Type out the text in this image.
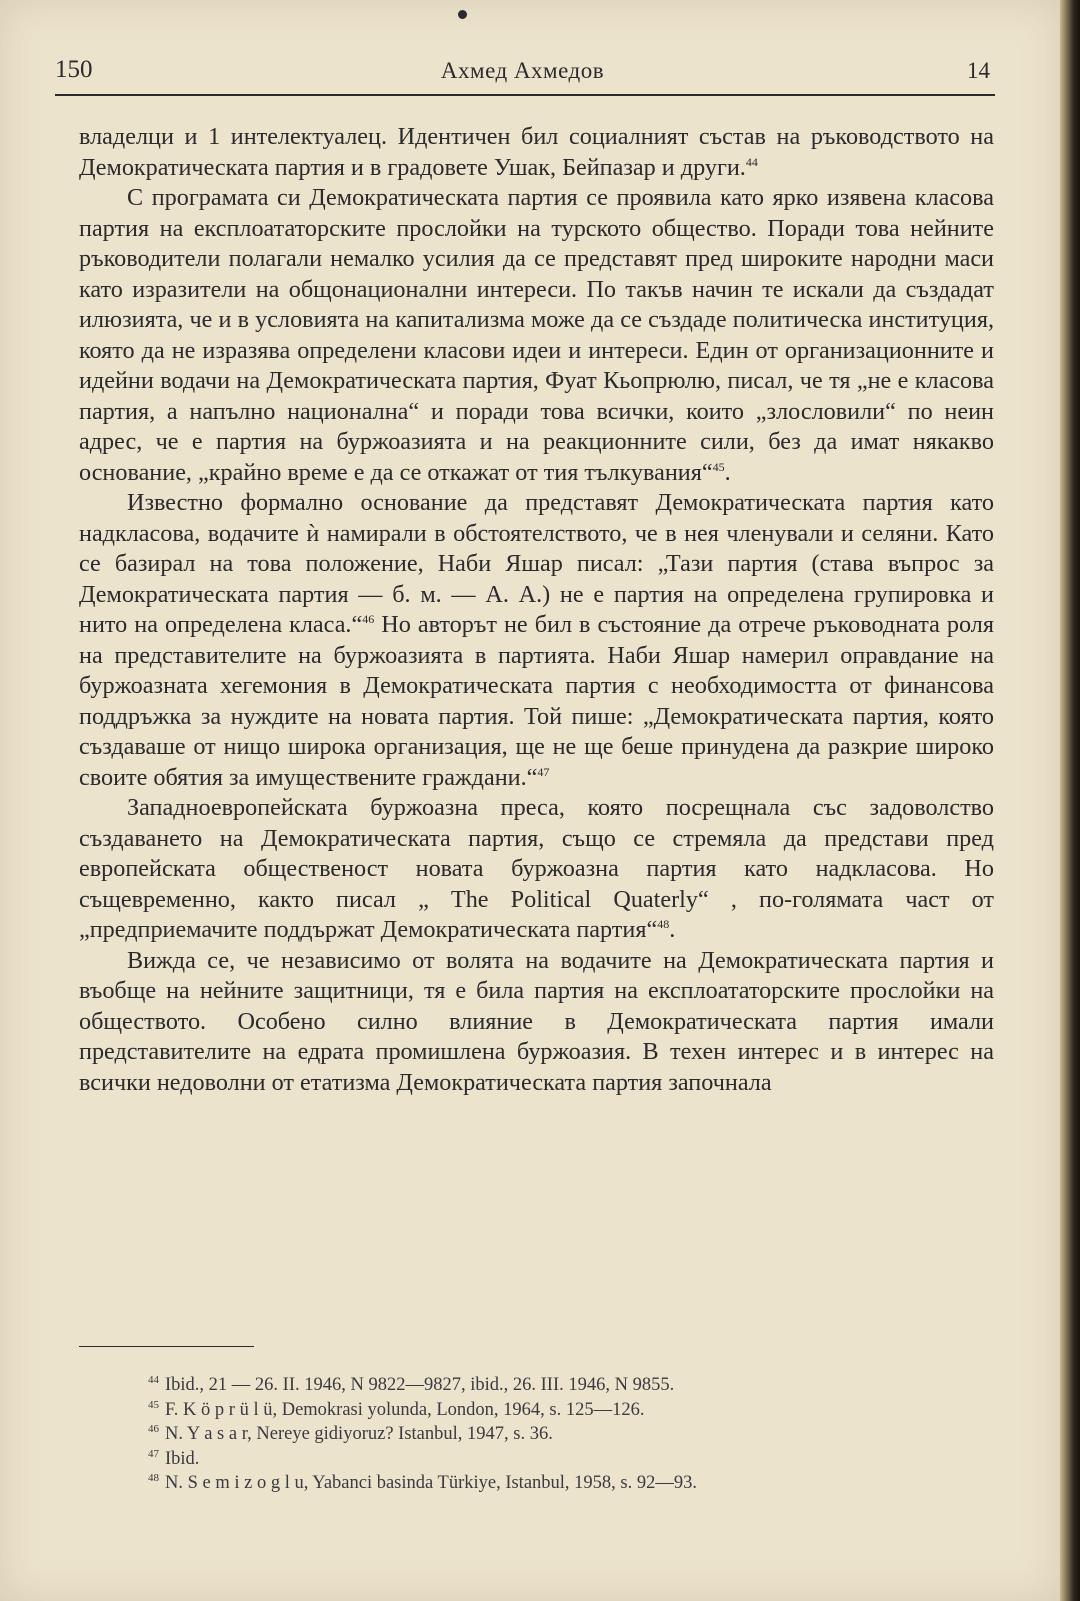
150	Ахмед Ахмедов	14

владелци и 1 интелектуалец. Идентичен бил социалният състав на ръководството на Демократическата партия и в градовете Ушак, Бейпазар и други.$^{44}$

С програмата си Демократическата партия се проявила като ярко изявена класова партия на експлоататорските прослойки на турското общество. Поради това нейните ръководители полагали немалко усилия да се представят пред широките народни маси като изразители на общонационални интереси. По такъв начин те искали да създадат илюзията, че и в условията на капитализма може да се създаде политическа институция, която да не изразява определени класови идеи и интереси. Един от организационните и идейни водачи на Демократическата партия, Фуат Кьопрюлю, писал, че тя „не е класова партия, а напълно национална“ и поради това всички, които „злословили“ по неин адрес, че е партия на буржоазията и на реакционните сили, без да имат някакво основание, „крайно време е да се откажат от тия тълкувания“$^{45}$.

Известно формално основание да представят Демократическата партия като надкласова, водачите ѝ намирали в обстоятелството, че в нея членували и селяни. Като се базирал на това положение, Наби Яшар писал: „Тази партия (става въпрос за Демократическата партия — б. м. — А. А.) не е партия на определена групировка и нито на определена класа.“$^{46}$ Но авторът не бил в състояние да отрече ръководната роля на представителите на буржоазията в партията. Наби Яшар намерил оправдание на буржоазната хегемония в Демократическата партия с необходимостта от финансова поддръжка за нуждите на новата партия. Той пише: „Демократическата партия, която създаваше от нищо широка организация, ще не ще беше принудена да разкрие широко своите обятия за имуществените граждани.“$^{47}$

Западноевропейската буржоазна преса, която посрещнала със задоволство създаването на Демократическата партия, също се стремяла да представи пред европейската общественост новата буржоазна партия като надкласова. Но същевременно, както писал „ The Political Quaterly“ , по-голямата част от „предприемачите поддържат Демократическата партия“$^{48}$.

Вижда се, че независимо от волята на водачите на Демократическата партия и въобще на нейните защитници, тя е била партия на експлоататорските прослойки на обществото. Особено силно влияние в Демократическата партия имали представителите на едрата промишлена буржоазия. В техен интерес и в интерес на всички недоволни от етатизма Демократическата партия започнала

$^{44}$ Ibid., 21 — 26. II. 1946, N 9822—9827, ibid., 26. III. 1946, N 9855.
$^{45}$ F. K ö p r ü l ü, Demokrasi yolunda, London, 1964, s. 125—126.
$^{46}$ N. Y a s a r, Nereye gidiyoruz? Istanbul, 1947, s. 36.
$^{47}$ Ibid.
$^{48}$ N. S e m i z o g l u, Yabanci basinda Türkiye, Istanbul, 1958, s. 92—93.
